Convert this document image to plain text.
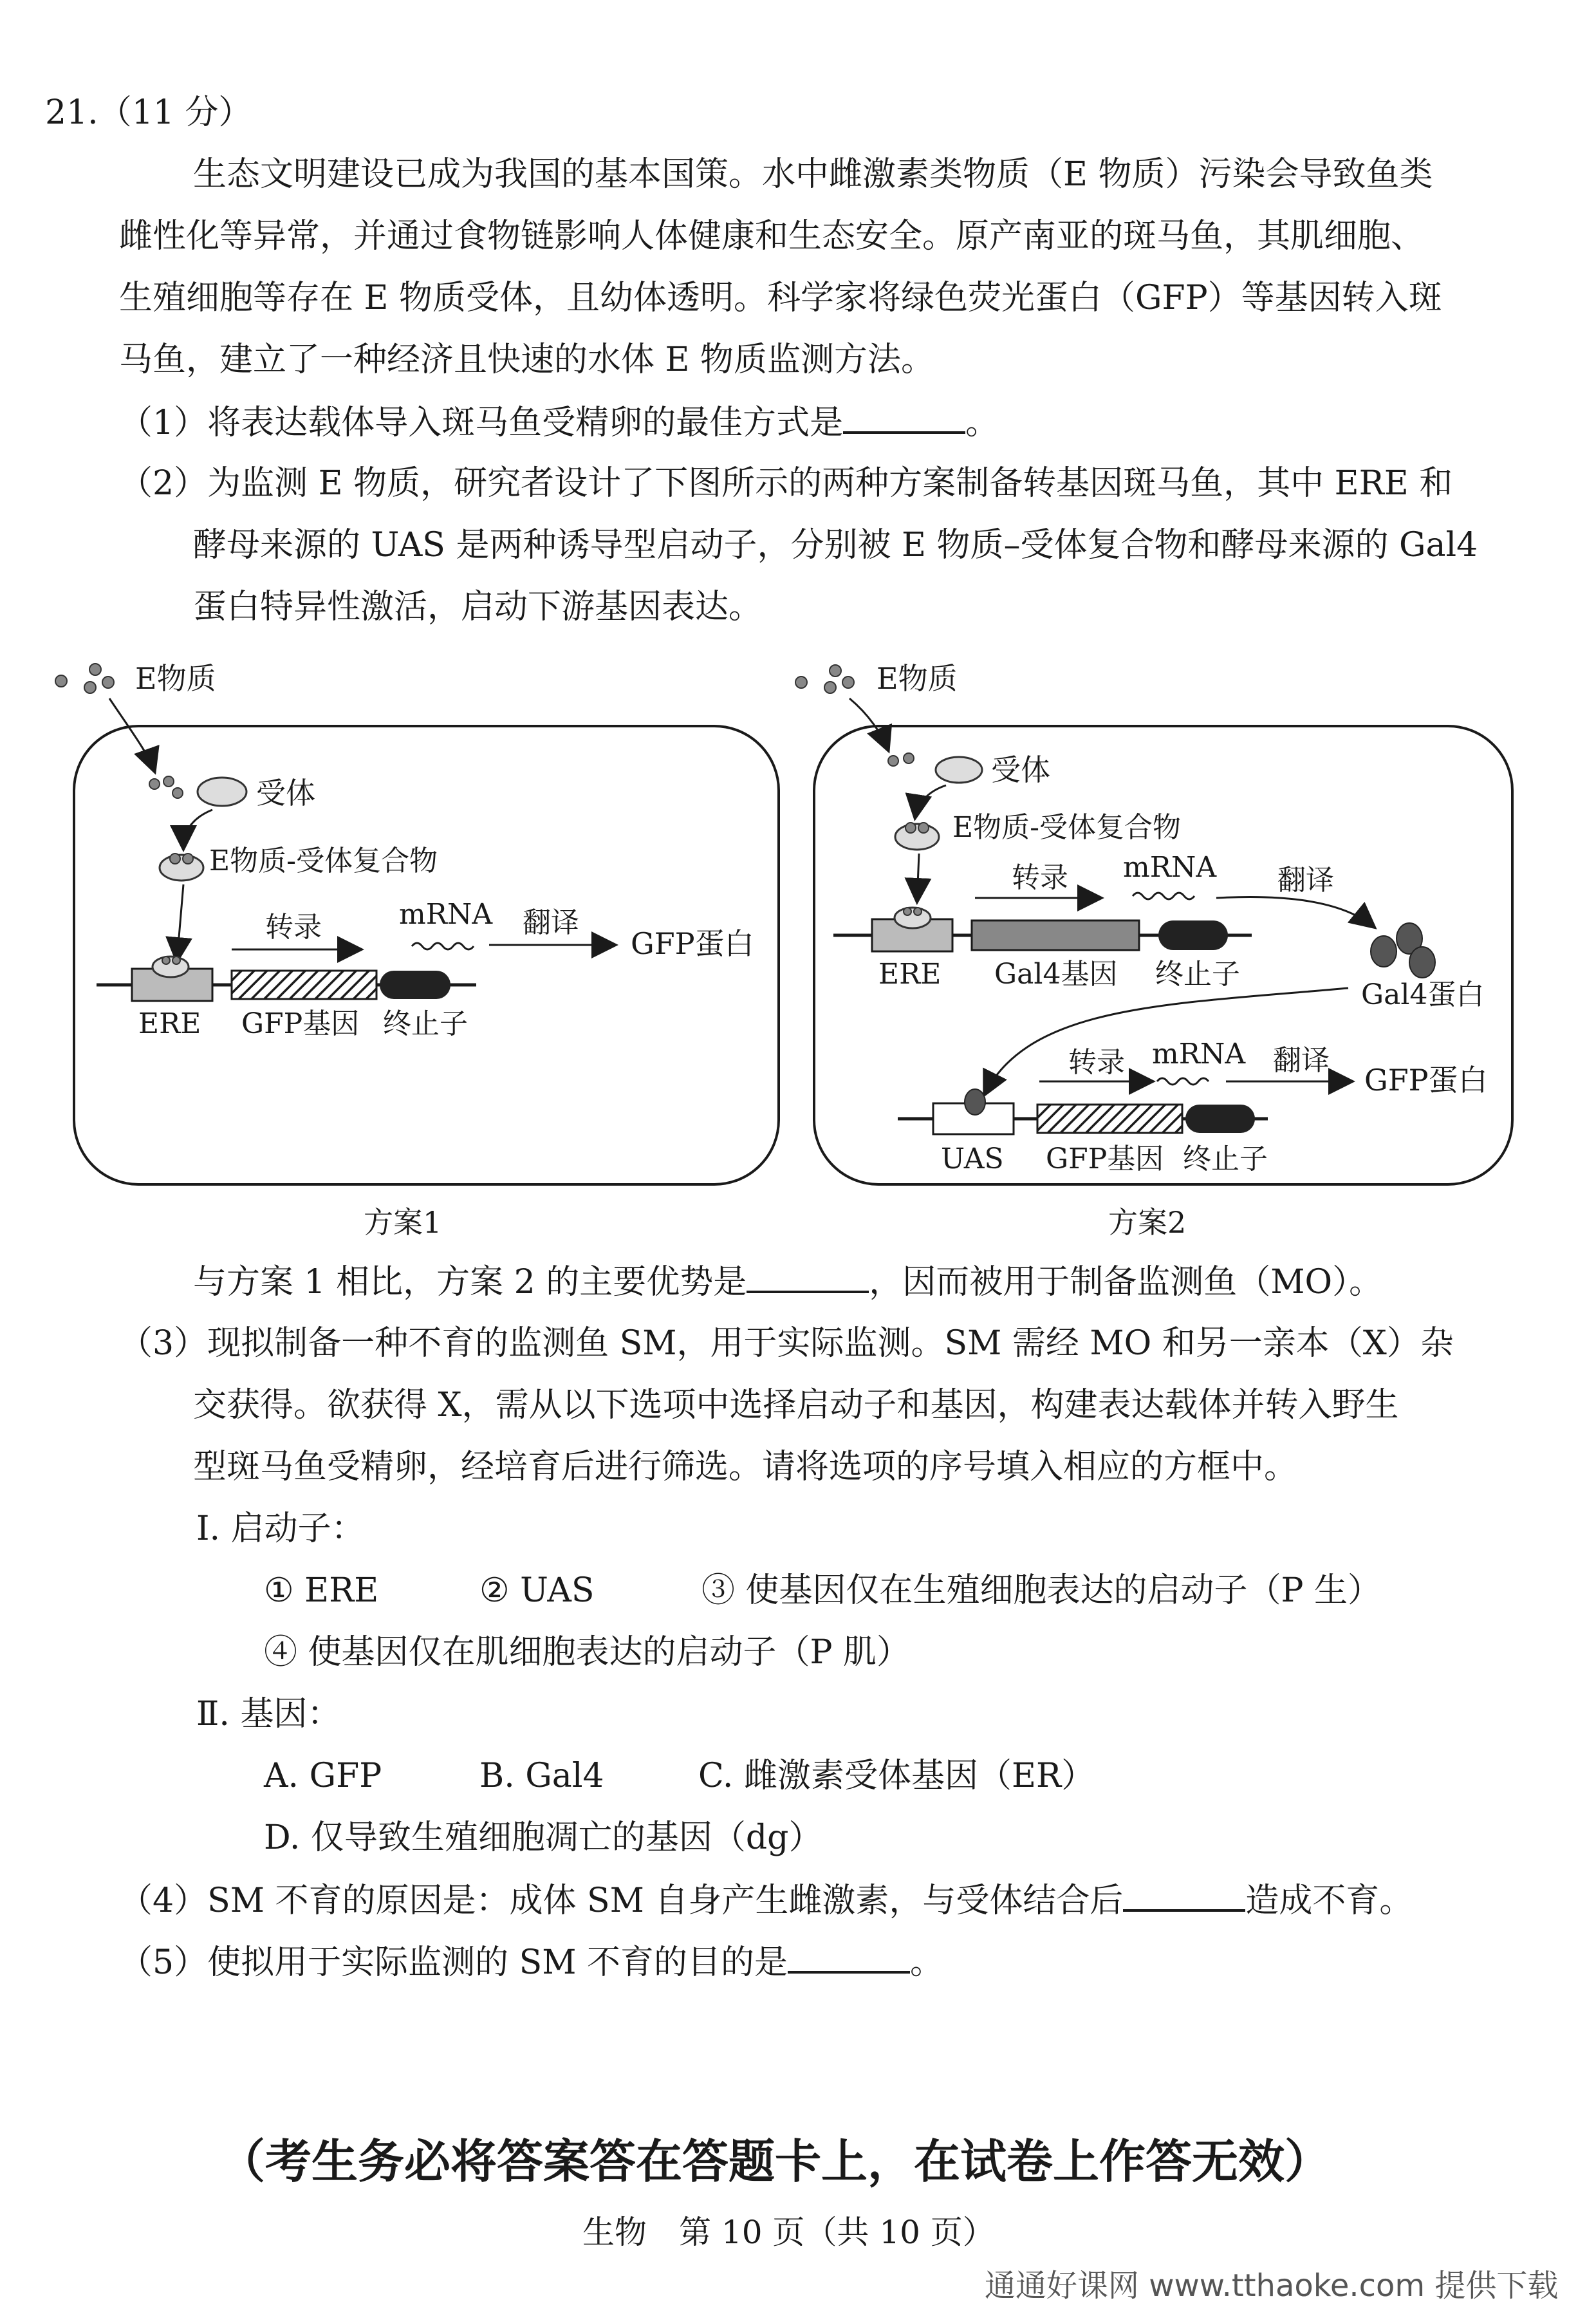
21.（11 分）
生态文明建设已成为我国的基本国策。水中雌激素类物质（E 物质）污染会导致鱼类
雌性化等异常，并通过食物链影响人体健康和生态安全。原产南亚的斑马鱼，其肌细胞、
生殖细胞等存在 E 物质受体，且幼体透明。科学家将绿色荧光蛋白（GFP）等基因转入斑
马鱼，建立了一种经济且快速的水体 E 物质监测方法。
（1）将表达载体导入斑马鱼受精卵的最佳方式是	。
（2）为监测 E 物质，研究者设计了下图所示的两种方案制备转基因斑马鱼，其中 ERE 和
酵母来源的 UAS 是两种诱导型启动子，分别被 E 物质–受体复合物和酵母来源的 Gal4
蛋白特异性激活，启动下游基因表达。
E物质
受体
E物质-受体复合物
转录	mRNA 翻译
GFP蛋白
ERE GFP基因 终止子
方案1
E物质
受体
E物质-受体复合物
转录 mRNA 翻译
Gal4蛋白
ERE Gal4基因 终止子
转录 mRNA 翻译
GFP蛋白
UAS GFP基因 终止子
方案2
与方案 1 相比，方案 2 的主要优势是	，因而被用于制备监测鱼（MO）。
（3）现拟制备一种不育的监测鱼 SM，用于实际监测。SM 需经 MO 和另一亲本（X）杂
交获得。欲获得 X，需从以下选项中选择启动子和基因，构建表达载体并转入野生
型斑马鱼受精卵，经培育后进行筛选。请将选项的序号填入相应的方框中。
Ⅰ. 启动子：
① ERE	② UAS	③ 使基因仅在生殖细胞表达的启动子（P 生）
④ 使基因仅在肌细胞表达的启动子（P 肌）
Ⅱ. 基因：
A. GFP	B. Gal4	C. 雌激素受体基因（ER）
D. 仅导致生殖细胞凋亡的基因（dg）
（4）SM 不育的原因是：成体 SM 自身产生雌激素，与受体结合后	造成不育。
（5）使拟用于实际监测的 SM 不育的目的是	。
（考生务必将答案答在答题卡上，在试卷上作答无效）
生物　第 10 页（共 10 页）
通通好课网 www.tthaoke.com 提供下载
